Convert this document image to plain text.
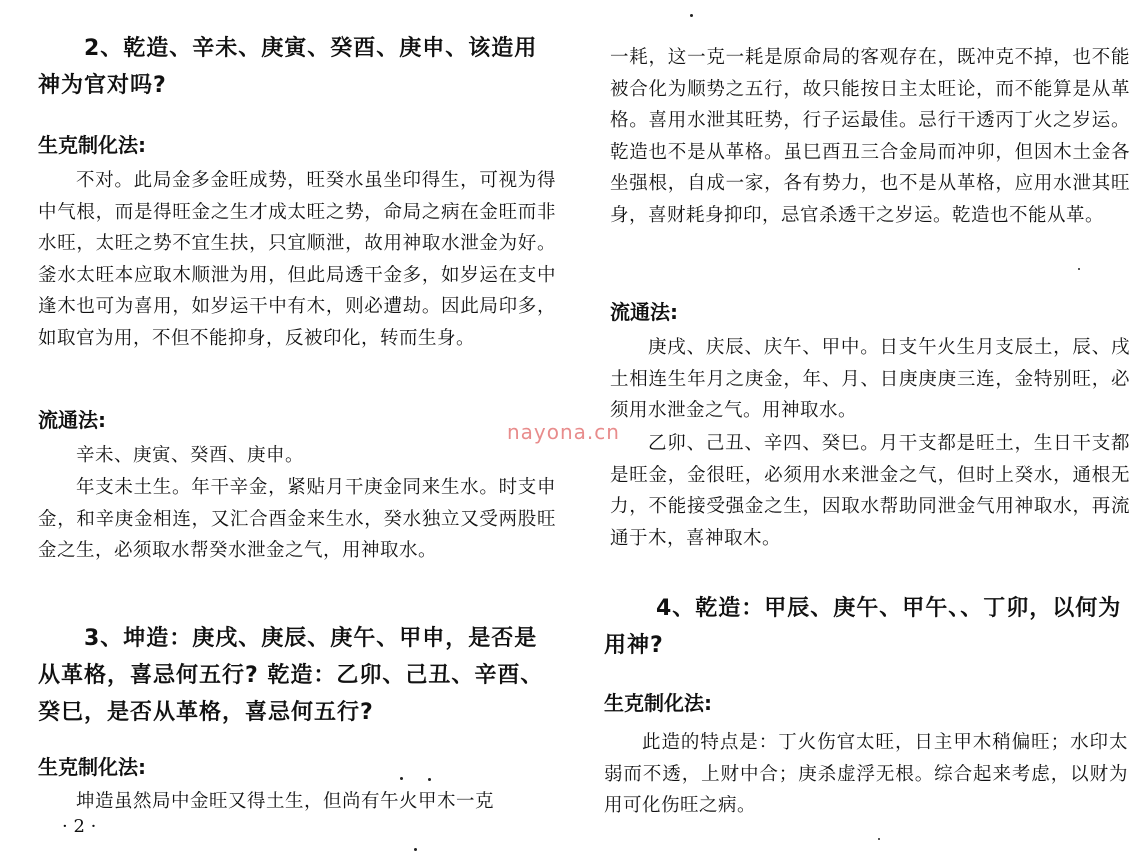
2、乾造、辛未、庚寅、癸酉、庚申、该造用神为官对吗?

生克制化法:

不对。此局金多金旺成势，旺癸水虽坐印得生，可视为得中气根，而是得旺金之生才成太旺之势，命局之病在金旺而非水旺，太旺之势不宜生扶，只宜顺泄，故用神取水泄金为好。釜水太旺本应取木顺泄为用，但此局透干金多，如岁运在支中逢木也可为喜用，如岁运干中有木，则必遭劫。因此局印多，如取官为用，不但不能抑身，反被印化，转而生身。

流通法:

辛未、庚寅、癸酉、庚申。

年支未土生。年干辛金，紧贴月干庚金同来生水。时支申金，和辛庚金相连，又汇合酉金来生水，癸水独立又受两股旺金之生，必须取水帮癸水泄金之气，用神取水。

3、坤造：庚戌、庚辰、庚午、甲申，是否是从革格，喜忌何五行? 乾造：乙卯、己丑、辛酉、癸巳，是否从革格，喜忌何五行?

生克制化法:

坤造虽然局中金旺又得土生，但尚有午火甲木一克

· 2 ·

一耗，这一克一耗是原命局的客观存在，既冲克不掉，也不能被合化为顺势之五行，故只能按日主太旺论，而不能算是从革格。喜用水泄其旺势，行子运最佳。忌行干透丙丁火之岁运。乾造也不是从革格。虽巳酉丑三合金局而冲卯，但因木土金各坐强根，自成一家，各有势力，也不是从革格，应用水泄其旺身，喜财耗身抑印，忌官杀透干之岁运。乾造也不能从革。

流通法:

庚戌、庆辰、庆午、甲中。日支午火生月支辰土，辰、戌土相连生年月之庚金，年、月、日庚庚庚三连，金特别旺，必须用水泄金之气。用神取水。

乙卯、己丑、辛四、癸巳。月干支都是旺土，生日干支都是旺金，金很旺，必须用水来泄金之气，但时上癸水，通根无力，不能接受强金之生，因取水帮助同泄金气用神取水，再流通于木，喜神取木。

4、乾造：甲辰、庚午、甲午、、丁卯，以何为用神?

生克制化法:

此造的特点是：丁火伤官太旺，日主甲木稍偏旺；水印太弱而不透，上财中合；庚杀虚浮无根。综合起来考虑，以财为用可化伤旺之病。

nayona.cn
